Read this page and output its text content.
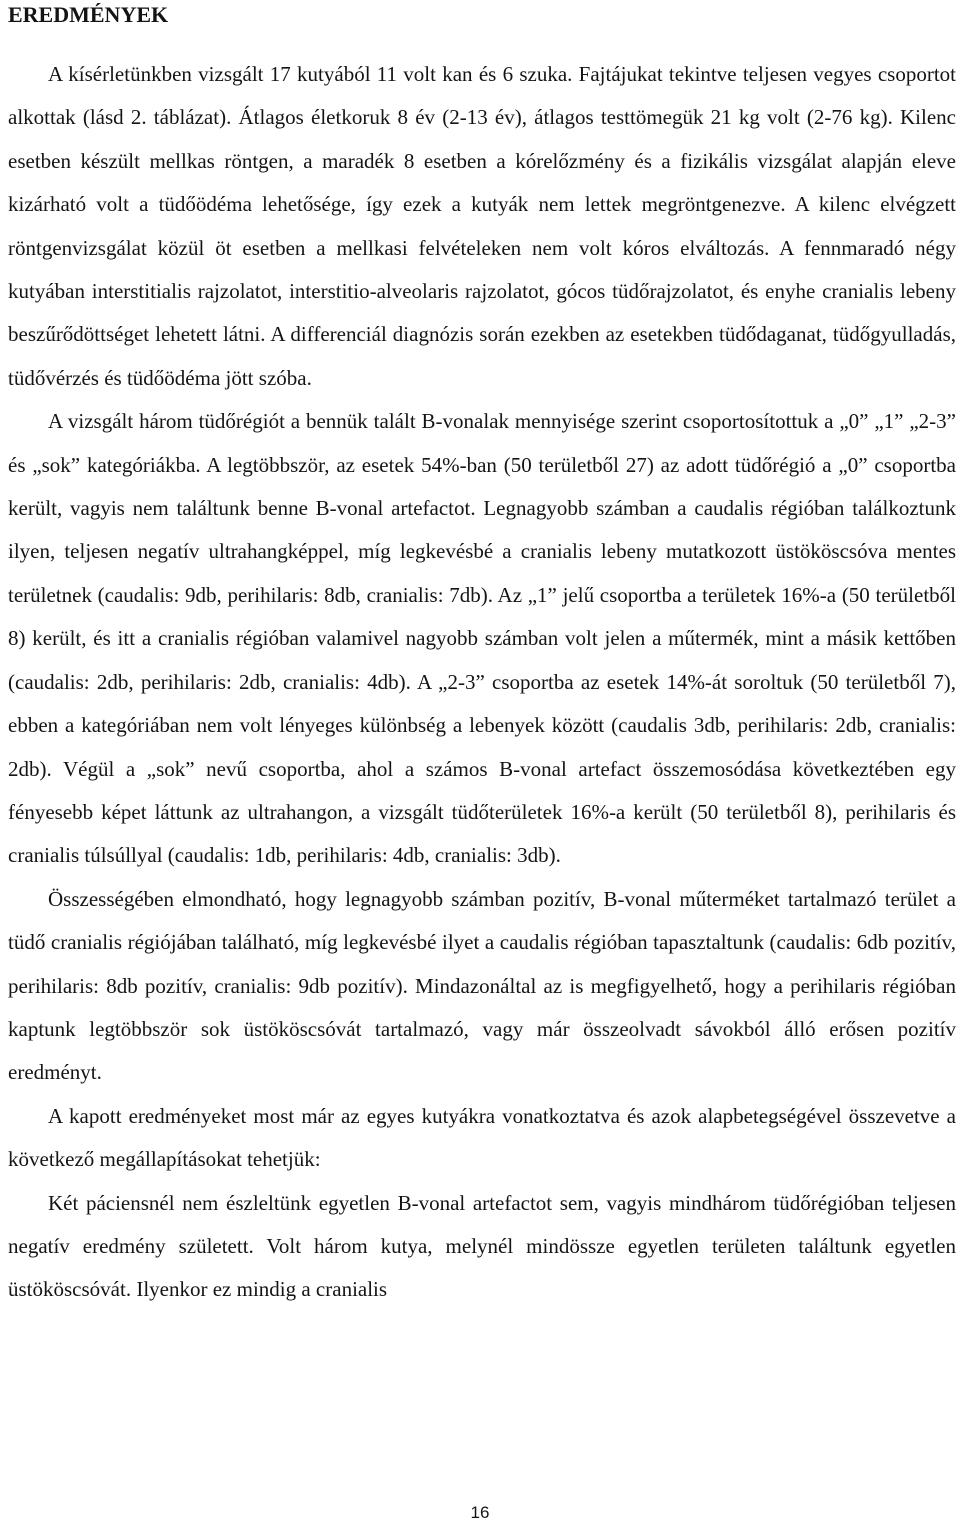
EREDMÉNYEK

A kísérletünkben vizsgált 17 kutyából 11 volt kan és 6 szuka. Fajtájukat tekintve teljesen vegyes csoportot alkottak (lásd 2. táblázat). Átlagos életkoruk 8 év (2-13 év), átlagos testtömegük 21 kg volt (2-76 kg). Kilenc esetben készült mellkas röntgen, a maradék 8 esetben a kórelőzmény és a fizikális vizsgálat alapján eleve kizárható volt a tüdőödéma lehetősége, így ezek a kutyák nem lettek megröntgenezve. A kilenc elvégzett röntgenvizsgálat közül öt esetben a mellkasi felvételeken nem volt kóros elváltozás. A fennmaradó négy kutyában interstitialis rajzolatot, interstitio-alveolaris rajzolatot, gócos tüdőrajzolatot, és enyhe cranialis lebeny beszűrődöttséget lehetett látni. A differenciál diagnózis során ezekben az esetekben tüdődaganat, tüdőgyulladás, tüdővérzés és tüdőödéma jött szóba.

A vizsgált három tüdőrégiót a bennük talált B-vonalak mennyisége szerint csoportosítottuk a „0” „1” „2-3” és „sok” kategóriákba. A legtöbbször, az esetek 54%-ban (50 területből 27) az adott tüdőrégió a „0” csoportba került, vagyis nem találtunk benne B-vonal artefactot. Legnagyobb számban a caudalis régióban találkoztunk ilyen, teljesen negatív ultrahangképpel, míg legkevésbé a cranialis lebeny mutatkozott üstököscsóva mentes területnek (caudalis: 9db, perihilaris: 8db, cranialis: 7db). Az „1” jelű csoportba a területek 16%-a (50 területből 8) került, és itt a cranialis régióban valamivel nagyobb számban volt jelen a műtermék, mint a másik kettőben (caudalis: 2db, perihilaris: 2db, cranialis: 4db). A „2-3” csoportba az esetek 14%-át soroltuk (50 területből 7), ebben a kategóriában nem volt lényeges különbség a lebenyek között (caudalis 3db, perihilaris: 2db, cranialis: 2db). Végül a „sok” nevű csoportba, ahol a számos B-vonal artefact összemosódása következtében egy fényesebb képet láttunk az ultrahangon, a vizsgált tüdőterületek 16%-a került (50 területből 8), perihilaris és cranialis túlsúllyal (caudalis: 1db, perihilaris: 4db, cranialis: 3db).

Összességében elmondható, hogy legnagyobb számban pozitív, B-vonal műterméket tartalmazó terület a tüdő cranialis régiójában található, míg legkevésbé ilyet a caudalis régióban tapasztaltunk (caudalis: 6db pozitív, perihilaris: 8db pozitív, cranialis: 9db pozitív). Mindazonáltal az is megfigyelhető, hogy a perihilaris régióban kaptunk legtöbbször sok üstököscsóvát tartalmazó, vagy már összeolvadt sávokból álló erősen pozitív eredményt.

A kapott eredményeket most már az egyes kutyákra vonatkoztatva és azok alapbetegségével összevetve a következő megállapításokat tehetjük:

Két páciensnél nem észleltünk egyetlen B-vonal artefactot sem, vagyis mindhárom tüdőrégióban teljesen negatív eredmény született. Volt három kutya, melynél mindössze egyetlen területen találtunk egyetlen üstököscsóvát. Ilyenkor ez mindig a cranialis

16
